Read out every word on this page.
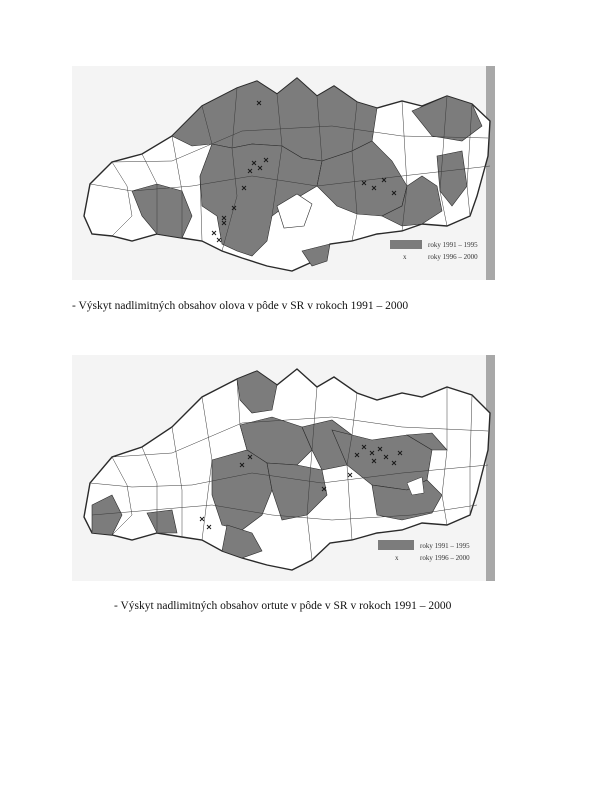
roky 1991 – 1995
x	roky 1996 – 2000
- Výskyt nadlimitných obsahov olova v pôde v SR v rokoch 1991 – 2000
roky 1991 – 1995
x	roky 1996 – 2000
- Výskyt nadlimitných obsahov ortute v pôde v SR v rokoch 1991 – 2000
